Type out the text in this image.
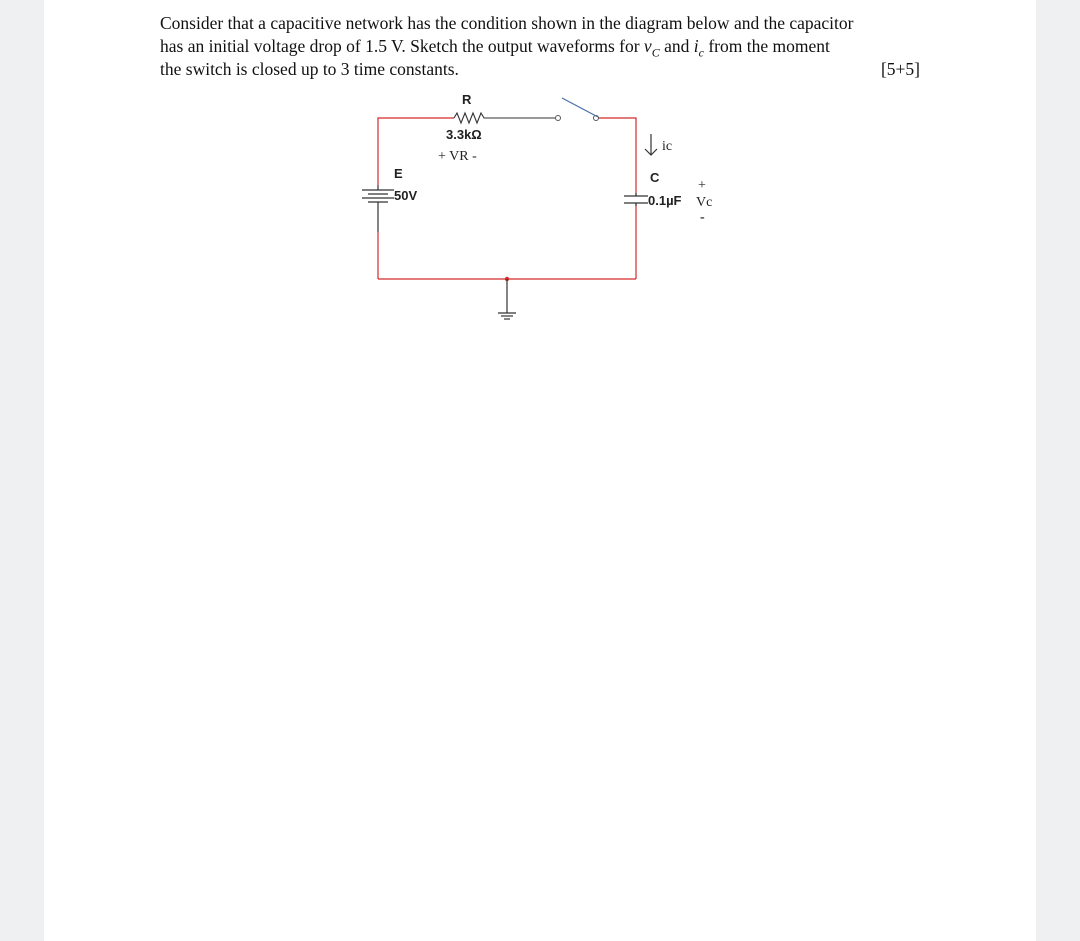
Consider that a capacitive network has the condition shown in the diagram below and the capacitor
has an initial voltage drop of 1.5 V. Sketch the output waveforms for $v_C$ and $i_c$ from the moment
the switch is closed up to 3 time constants.	[5+5]

E
50V
R
3.3kΩ
+ VR -
ic
C
0.1µF
+
Vc
-
